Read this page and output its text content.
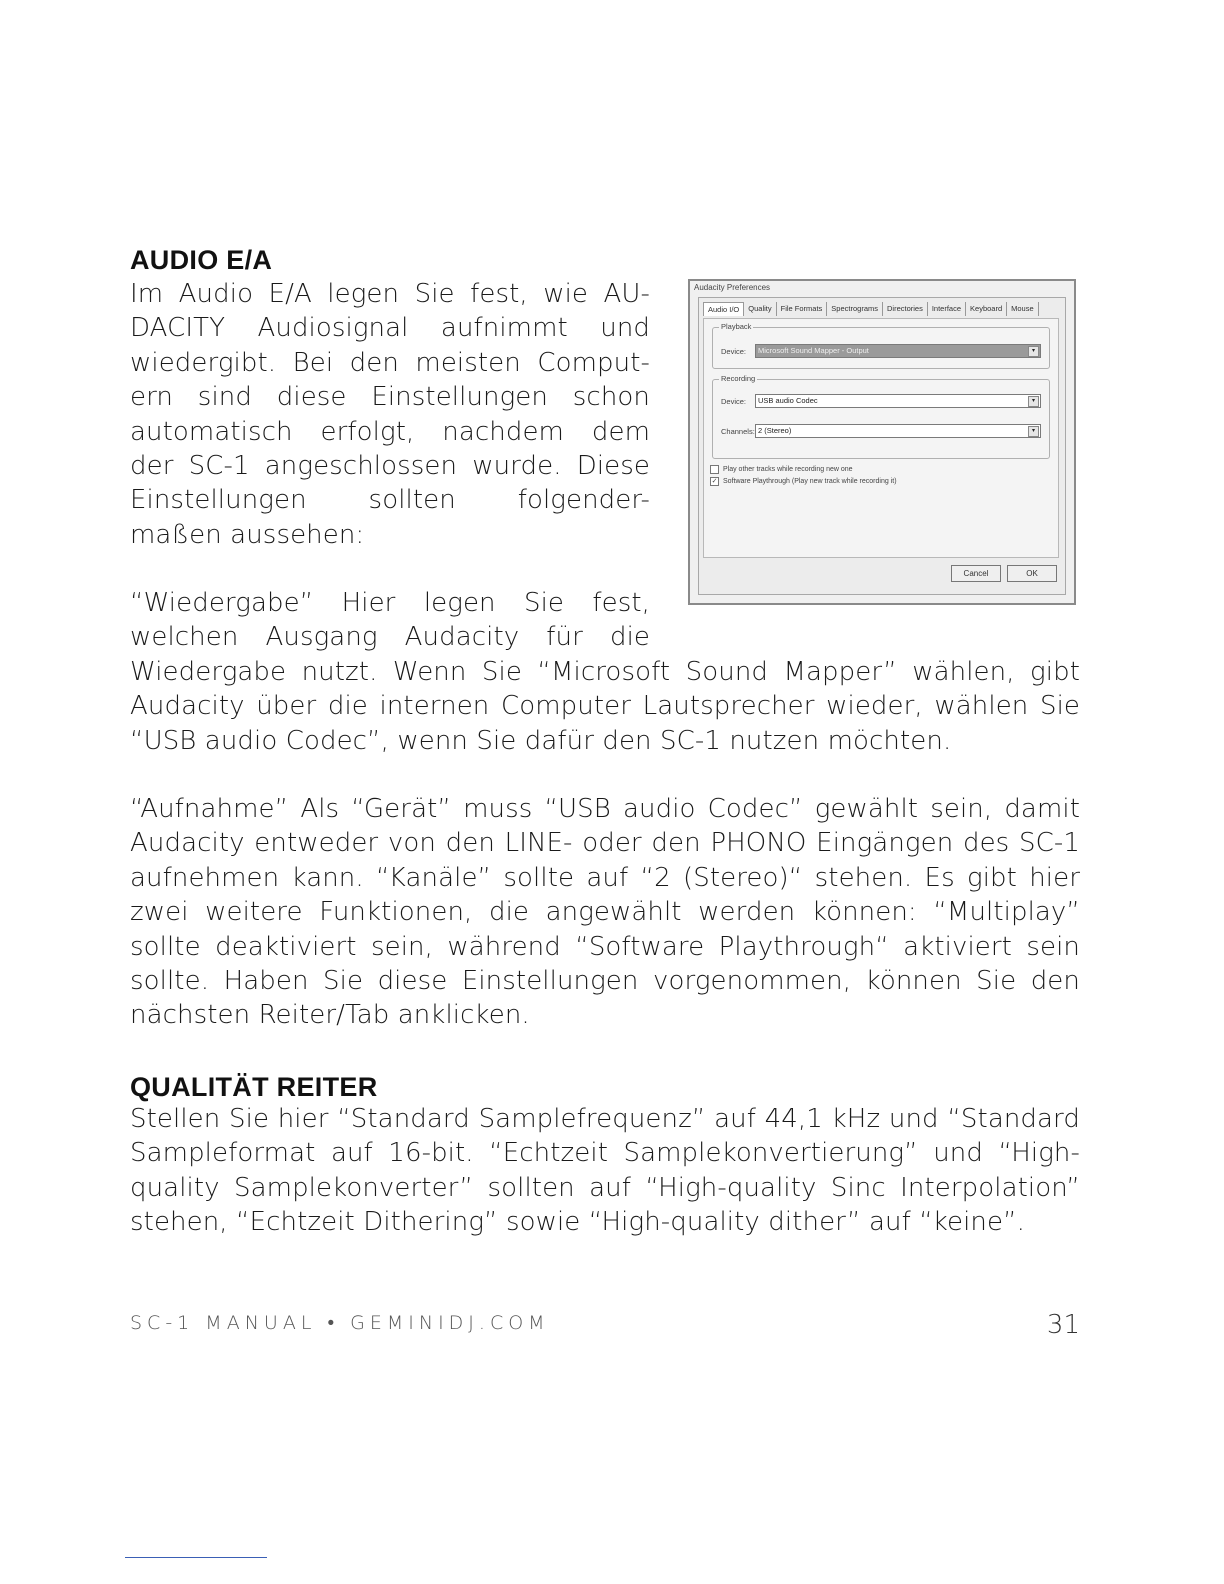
AUDIO E/A
Im Audio E/A legen Sie fest, wie AU-
DACITY Audiosignal aufnimmt und
wiedergibt. Bei den meisten Comput-
ern sind diese Einstellungen schon
automatisch erfolgt, nachdem dem
der SC-1 angeschlossen wurde. Diese
Einstellungen sollten folgender-
maßen aussehen:
“Wiedergabe” Hier legen Sie fest,
welchen Ausgang Audacity für die

Wiedergabe nutzt. Wenn Sie “Microsoft Sound Mapper” wählen, gibt Audacity über die internen Computer Lautsprecher wieder, wählen Sie “USB audio Codec”, wenn Sie dafür den SC-1 nutzen möchten.

“Aufnahme” Als “Gerät” muss “USB audio Codec” gewählt sein, damit Audacity entweder von den LINE- oder den PHONO Eingängen des SC-1 aufnehmen kann. “Kanäle” sollte auf “2 (Stereo)“ stehen. Es gibt hier zwei weitere Funktionen, die angewählt werden können: “Multiplay” sollte deaktiviert sein, während “Software Playthrough“ aktiviert sein sollte. Haben Sie diese Einstellungen vorgenommen, können Sie den nächsten Reiter/Tab anklicken.

QUALITÄT REITER

Stellen Sie hier “Standard Samplefrequenz” auf 44,1 kHz und “Standard Sampleformat auf 16-bit. “Echtzeit Samplekonvertierung” und “High-quality Samplekonverter” sollten auf “High-quality Sinc Interpolation” stehen, “Echtzeit Dithering” sowie “High-quality dither” auf “keine”.

Audacity Preferences
Audio I/O	Quality	File Formats	Spectrograms	Directories	Interface	Keyboard	Mouse
Playback
Device:	Microsoft Sound Mapper - Output	▾
Recording
Device:	USB audio Codec	▾
Channels: 2 (Stereo)	▾
Play other tracks while recording new one
✓ Software Playthrough (Play new track while recording it)
Cancel	OK
SC-1 MANUAL • GEMINIDJ.COM	31
